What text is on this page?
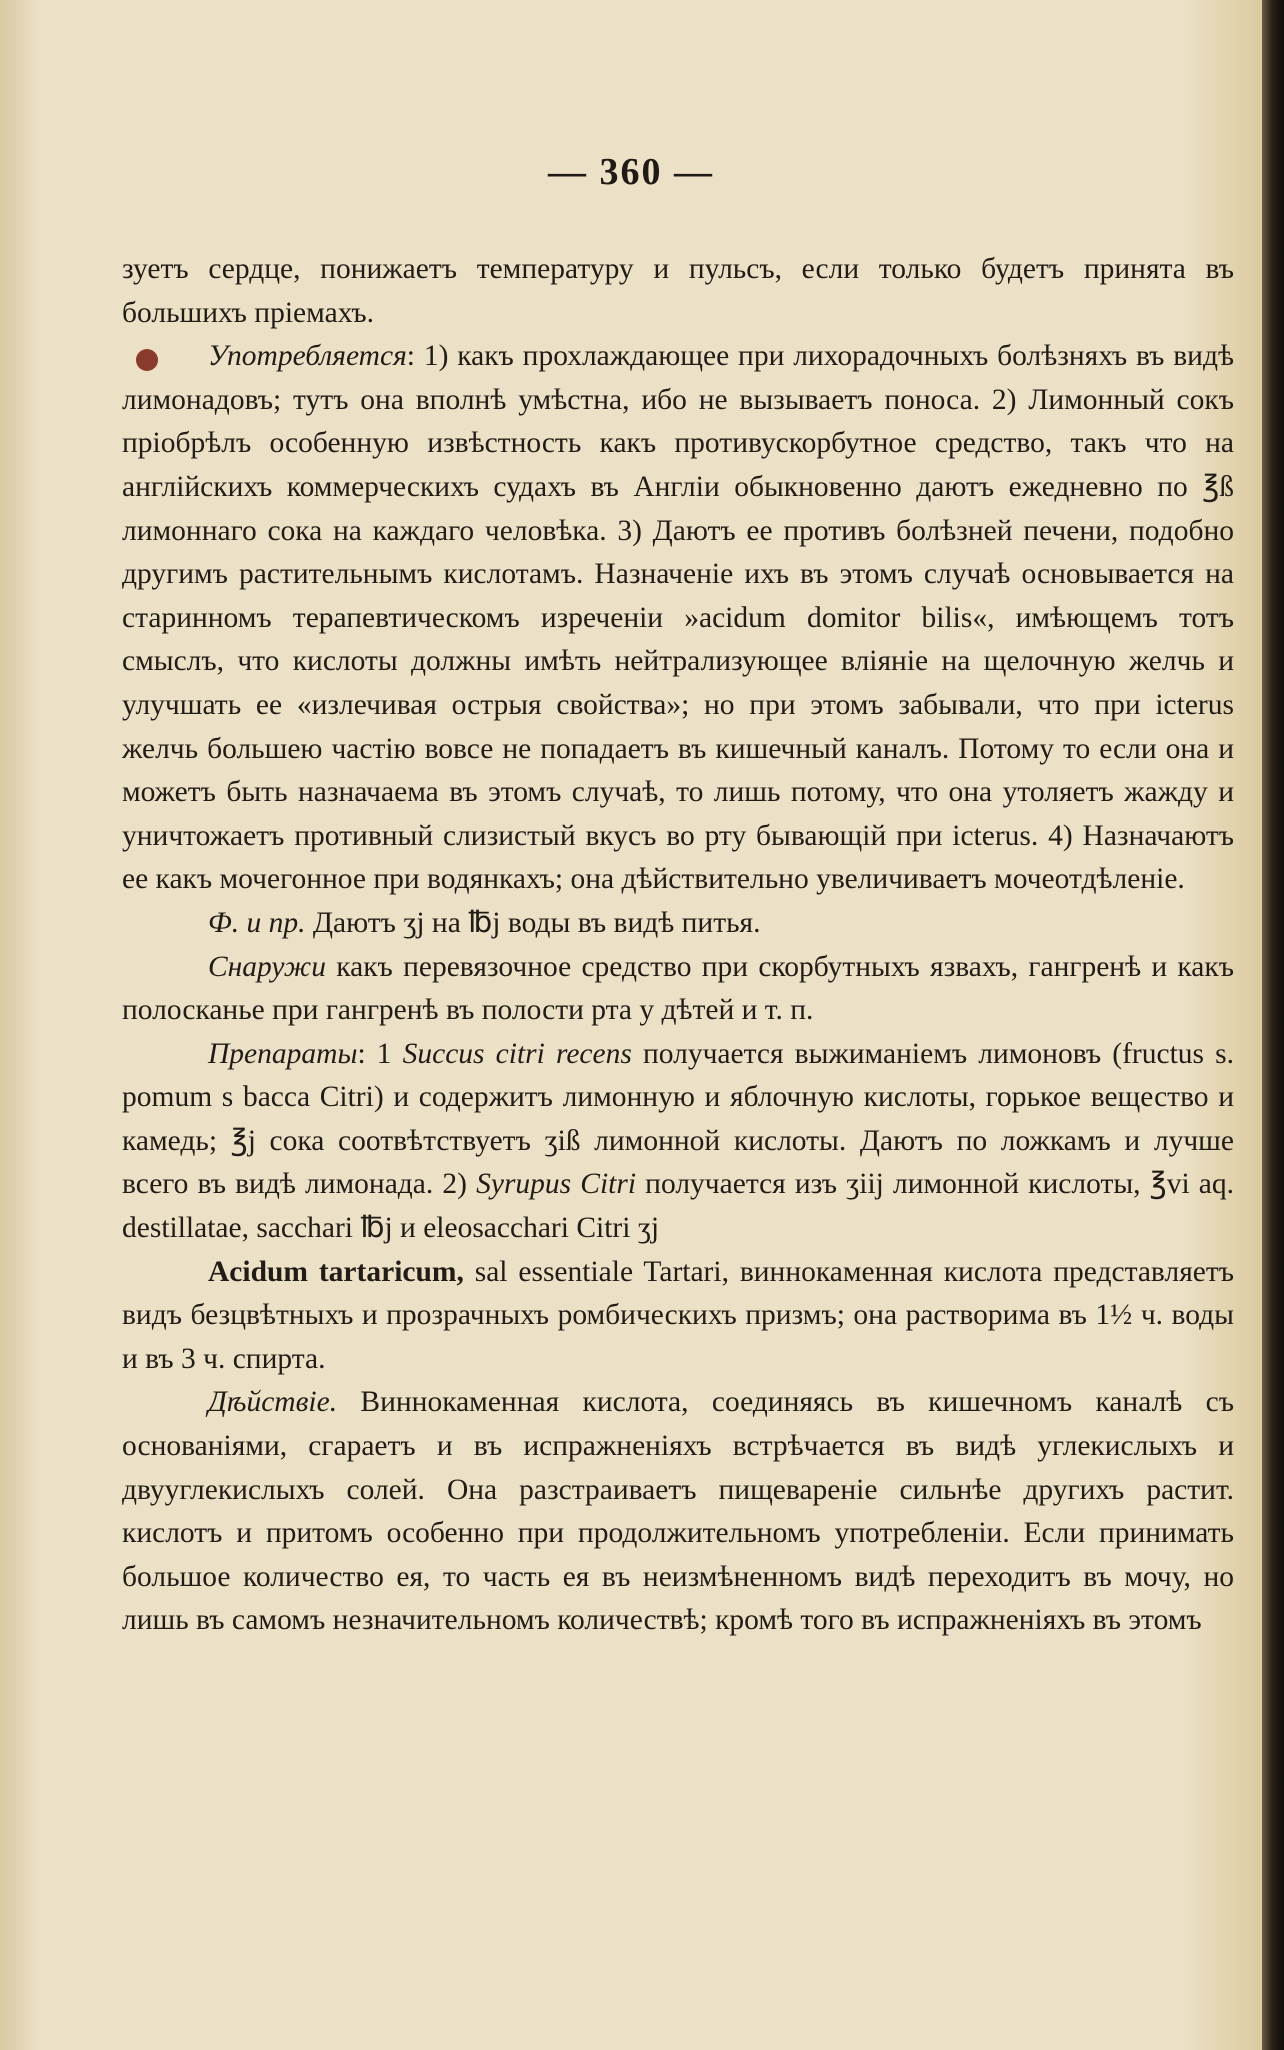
— 360 —

зуетъ сердце, понижаетъ температуру и пульсъ, если только будетъ принята въ большихъ пріемахъ.

Употребляется: 1) какъ прохлаждающее при лихорадочныхъ болѣзняхъ въ видѣ лимонадовъ; тутъ она вполнѣ умѣстна, ибо не вызываетъ поноса. 2) Лимонный сокъ пріобрѣлъ особенную извѣстность какъ противускорбутное средство, такъ что на англійскихъ коммерческихъ судахъ въ Англіи обыкновенно даютъ ежедневно по ℥ß лимоннаго сока на каждаго человѣка. 3) Даютъ ее противъ болѣзней печени, подобно другимъ растительнымъ кислотамъ. Назначеніе ихъ въ этомъ случаѣ основывается на старинномъ терапевтическомъ изреченіи »acidum domitor bilis«, имѣющемъ тотъ смыслъ, что кислоты должны имѣть нейтрализующее вліяніе на щелочную желчь и улучшать ее «излечивая острыя свойства»; но при этомъ забывали, что при icterus желчь большею частію вовсе не попадаетъ въ кишечный каналъ. Потому то если она и можетъ быть назначаема въ этомъ случаѣ, то лишь потому, что она утоляетъ жажду и уничтожаетъ противный слизистый вкусъ во рту бывающій при icterus. 4) Назначаютъ ее какъ мочегонное при водянкахъ; она дѣйствительно увеличиваетъ мочеотдѣленіе.

Ф. и пр. Даютъ ʒj на ℔j воды въ видѣ питья.

Снаружи какъ перевязочное средство при скорбутныхъ язвахъ, гангренѣ и какъ полосканье при гангренѣ въ полости рта у дѣтей и т. п.

Препараты: 1 Succus citri recens получается выжиманіемъ лимоновъ (fructus s. pomum s bacca Citri) и содержитъ лимонную и яблочную кислоты, горькое вещество и камедь; ℥j сока соотвѣтствуетъ ʒiß лимонной кислоты. Даютъ по ложкамъ и лучше всего въ видѣ лимонада. 2) Syrupus Citri получается изъ ʒiij лимонной кислоты, ℥vi aq. destillatae, sacchari ℔j и eleosacchari Citri ʒj

Acidum tartaricum, sal essentiale Tartari, виннокаменная кислота представляетъ видъ безцвѣтныхъ и прозрачныхъ ромбическихъ призмъ; она растворима въ 1½ ч. воды и въ 3 ч. спирта.

Дѣйствіе. Виннокаменная кислота, соединяясь въ кишечномъ каналѣ съ основаніями, сгараетъ и въ испражненіяхъ встрѣчается въ видѣ углекислыхъ и двууглекислыхъ солей. Она разстраиваетъ пищевареніе сильнѣе другихъ растит. кислотъ и притомъ особенно при продолжительномъ употребленіи. Если принимать большое количество ея, то часть ея въ неизмѣненномъ видѣ переходитъ въ мочу, но лишь въ самомъ незначительномъ количествѣ; кромѣ того въ испражненіяхъ въ этомъ
